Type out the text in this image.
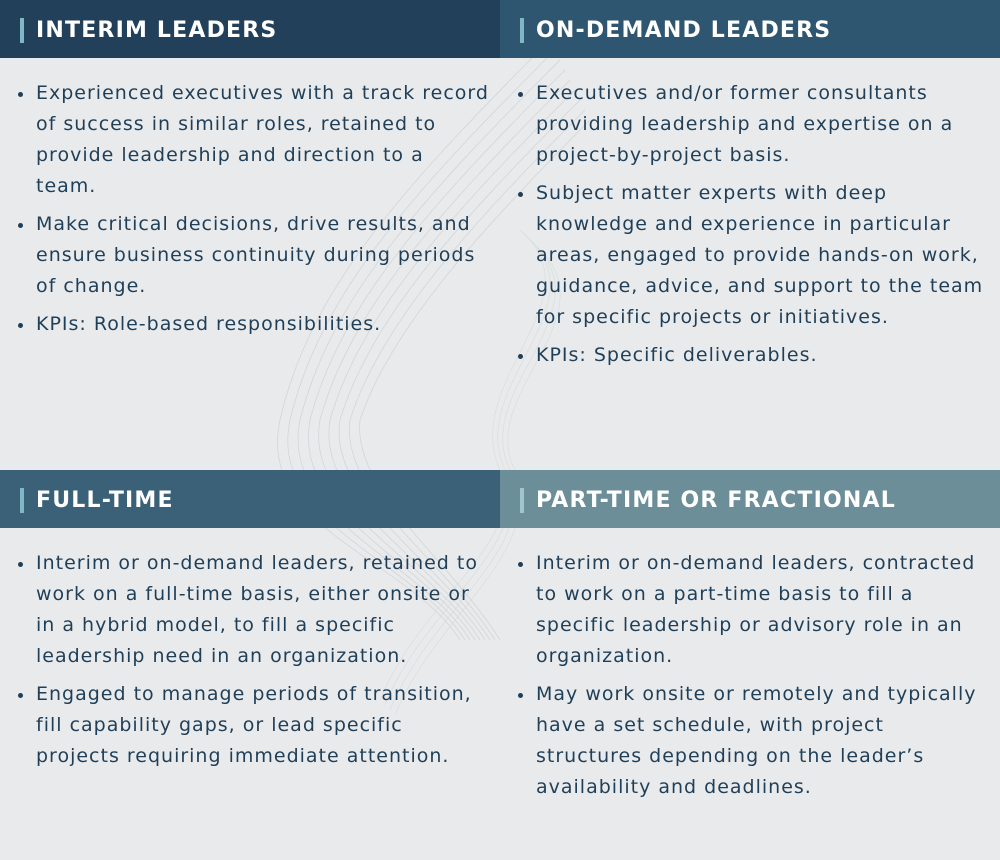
INTERIM LEADERS
Experienced executives with a track record of success in similar roles, retained to provide leadership and direction to a team.
Make critical decisions, drive results, and ensure business continuity during periods of change.
KPIs: Role-based responsibilities.
ON-DEMAND LEADERS
Executives and/or former consultants providing leadership and expertise on a project-by-project basis.
Subject matter experts with deep knowledge and experience in particular areas, engaged to provide hands-on work, guidance, advice, and support to the team for specific projects or initiatives.
KPIs: Specific deliverables.
FULL-TIME
Interim or on-demand leaders, retained to work on a full-time basis, either onsite or in a hybrid model, to fill a specific leadership need in an organization.
Engaged to manage periods of transition, fill capability gaps, or lead specific projects requiring immediate attention.
PART-TIME OR FRACTIONAL
Interim or on-demand leaders, contracted to work on a part-time basis to fill a specific leadership or advisory role in an organization.
May work onsite or remotely and typically have a set schedule, with project structures depending on the leader’s availability and deadlines.
